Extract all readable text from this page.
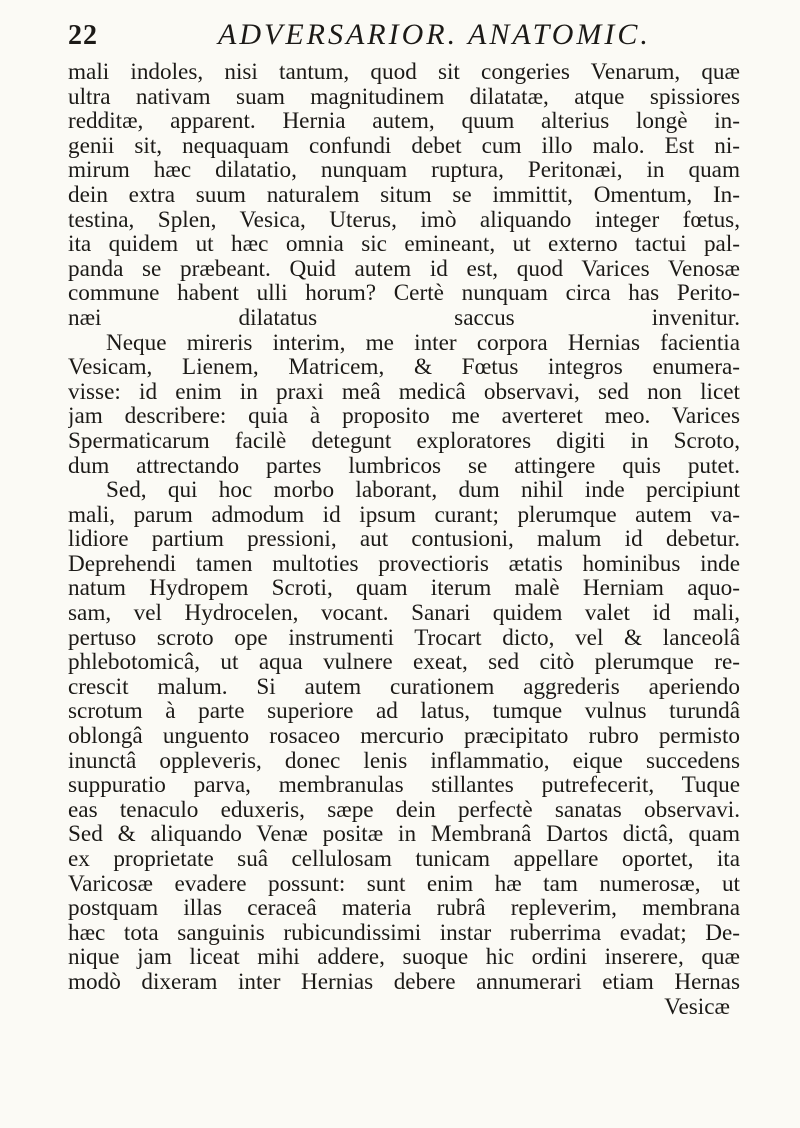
22	ADVERSARIOR. ANATOMIC.
mali indoles, nisi tantum, quod sit congeries Venarum, quæ
ultra nativam suam magnitudinem dilatatæ, atque spissiores
redditæ, apparent. Hernia autem, quum alterius longè in-
genii sit, nequaquam confundi debet cum illo malo. Est ni-
mirum hæc dilatatio, nunquam ruptura, Peritonæi, in quam
dein extra suum naturalem situm se immittit, Omentum, In-
testina, Splen, Vesica, Uterus, imò aliquando integer fœtus,
ita quidem ut hæc omnia sic emineant, ut externo tactui pal-
panda se præbeant. Quid autem id est, quod Varices Venosæ
commune habent ulli horum? Certè nunquam circa has Perito-
næi dilatatus saccus invenitur.
Neque mireris interim, me inter corpora Hernias facientia
Vesicam, Lienem, Matricem, & Fœtus integros enumera-
visse: id enim in praxi meâ medicâ observavi, sed non licet
jam describere: quia à proposito me averteret meo. Varices
Spermaticarum facilè detegunt exploratores digiti in Scroto,
dum attrectando partes lumbricos se attingere quis putet.
Sed, qui hoc morbo laborant, dum nihil inde percipiunt
mali, parum admodum id ipsum curant; plerumque autem va-
lidiore partium pressioni, aut contusioni, malum id debetur.
Deprehendi tamen multoties provectioris ætatis hominibus inde
natum Hydropem Scroti, quam iterum malè Herniam aquo-
sam, vel Hydrocelen, vocant. Sanari quidem valet id mali,
pertuso scroto ope instrumenti Trocart dicto, vel & lanceolâ
phlebotomicâ, ut aqua vulnere exeat, sed citò plerumque re-
crescit malum. Si autem curationem aggrederis aperiendo
scrotum à parte superiore ad latus, tumque vulnus turundâ
oblongâ unguento rosaceo mercurio præcipitato rubro permisto
inunctâ oppleveris, donec lenis inflammatio, eique succedens
suppuratio parva, membranulas stillantes putrefecerit, Tuque
eas tenaculo eduxeris, sæpe dein perfectè sanatas observavi.
Sed & aliquando Venæ positæ in Membranâ Dartos dictâ, quam
ex proprietate suâ cellulosam tunicam appellare oportet, ita
Varicosæ evadere possunt: sunt enim hæ tam numerosæ, ut
postquam illas ceraceâ materia rubrâ repleverim, membrana
hæc tota sanguinis rubicundissimi instar ruberrima evadat; De-
nique jam liceat mihi addere, suoque hic ordini inserere, quæ
modò dixeram inter Hernias debere annumerari etiam Hernas
Vesicæ
